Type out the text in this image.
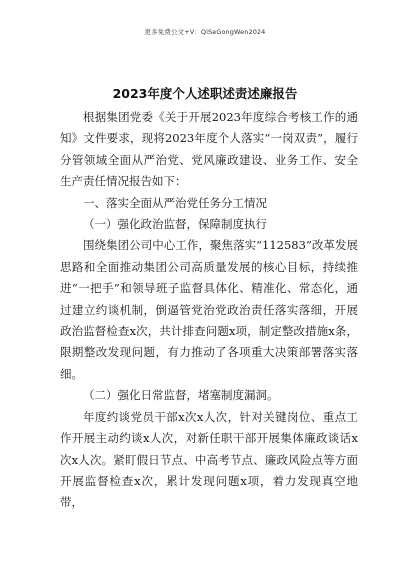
更多免费公文+V：QiSeGongWen2024
2023年度个人述职述责述廉报告

根据集团党委《关于开展2023年度综合考核工作的通知》文件要求，现将2023年度个人落实“一岗双责”，履行分管领域全面从严治党、党风廉政建设、业务工作、安全生产责任情况报告如下：

一、落实全面从严治党任务分工情况

（一）强化政治监督，保障制度执行

围绕集团公司中心工作，聚焦落实“112583”改革发展思路和全面推动集团公司高质量发展的核心目标，持续推进“一把手”和领导班子监督具体化、精准化、常态化，通过建立约谈机制，倒逼管党治党政治责任落实落细，开展政治监督检查x次，共计排查问题x项，制定整改措施x条，限期整改发现问题，有力推动了各项重大决策部署落实落细。

（二）强化日常监督，堵塞制度漏洞。

年度约谈党员干部x次x人次，针对关键岗位、重点工作开展主动约谈x人次，对新任职干部开展集体廉政谈话x次x人次。紧盯假日节点、中高考节点、廉政风险点等方面开展监督检查x次，累计发现问题x项，着力发现真空地带，
